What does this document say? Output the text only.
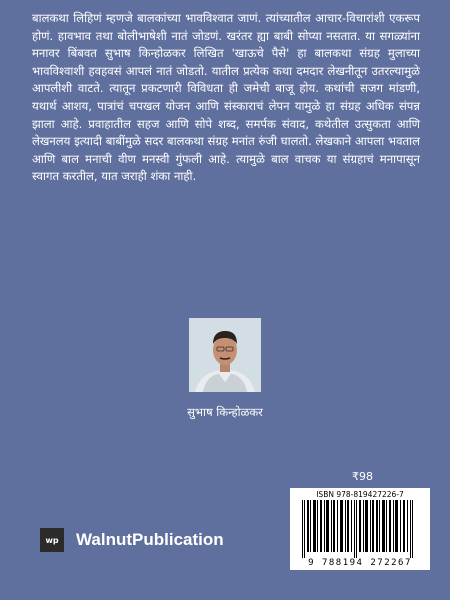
बालकथा लिहिणं म्हणजे बालकांच्या भावविश्वात जाणं. त्यांच्यातील आचार-विचारांशी एकरूप होणं. हावभाव तथा बोलीभाषेशी नातं जोडणं. खरंतर ह्या बाबी सोप्या नसतात. या सगळ्यांना मनावर बिंबवत सुभाष किन्होळकर लिखित 'खाऊचे पैसे' हा बालकथा संग्रह मुलाच्या भावविश्वाशी हवहवसं आपलं नातं जोडतो. यातील प्रत्येक कथा दमदार लेखनीतून उतरल्यामुळे आपलीशी वाटते. त्यातून प्रकटणारी विविधता ही जमेची बाजू होय. कथांची सजग मांडणी, यथार्थ आशय, पात्रांचं चपखल योजन आणि संस्काराचं लेपन यामुळे हा संग्रह अधिक संपन्न झाला आहे. प्रवाहातील सहज आणि सोपे शब्द, समर्पक संवाद, कथेतील उत्सुकता आणि लेखनलय इत्यादी बाबींमुळे सदर बालकथा संग्रह मनांत रुंजी घालतो. लेखकाने आपला भवताल आणि बाल मनाची वीण मनस्वी गुंफली आहे. त्यामुळे बाल वाचक या संग्रहाचं मनापासून स्वागत करतील, यात जराही शंका नाही.

सुभाष किन्होळकर
₹98
ISBN 978-819427226-7
9 788194 272267
wp	WalnutPublication
